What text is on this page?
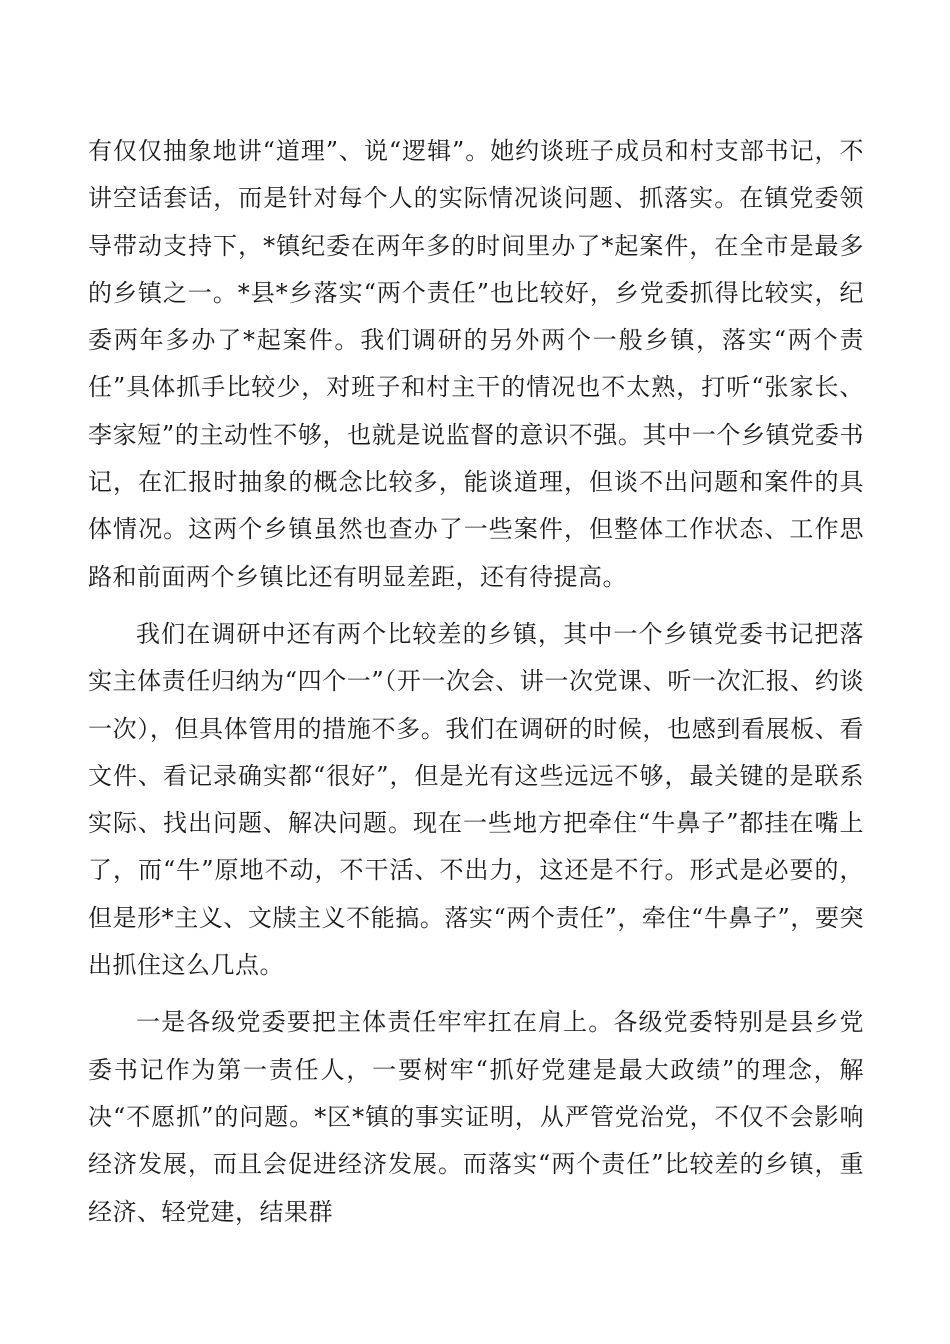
有仅仅抽象地讲“道理”、说“逻辑”。她约谈班子成员和村支部书记，不讲空话套话，而是针对每个人的实际情况谈问题、抓落实。在镇党委领导带动支持下，*镇纪委在两年多的时间里办了*起案件，在全市是最多的乡镇之一。*县*乡落实“两个责任”也比较好，乡党委抓得比较实，纪委两年多办了*起案件。我们调研的另外两个一般乡镇，落实“两个责任”具体抓手比较少，对班子和村主干的情况也不太熟，打听“张家长、李家短”的主动性不够，也就是说监督的意识不强。其中一个乡镇党委书记，在汇报时抽象的概念比较多，能谈道理，但谈不出问题和案件的具体情况。这两个乡镇虽然也查办了一些案件，但整体工作状态、工作思路和前面两个乡镇比还有明显差距，还有待提高。

我们在调研中还有两个比较差的乡镇，其中一个乡镇党委书记把落实主体责任归纳为“四个一”（开一次会、讲一次党课、听一次汇报、约谈一次），但具体管用的措施不多。我们在调研的时候，也感到看展板、看文件、看记录确实都“很好”，但是光有这些远远不够，最关键的是联系实际、找出问题、解决问题。现在一些地方把牵住“牛鼻子”都挂在嘴上了，而“牛”原地不动，不干活、不出力，这还是不行。形式是必要的，但是形*主义、文牍主义不能搞。落实“两个责任”，牵住“牛鼻子”，要突出抓住这么几点。

一是各级党委要把主体责任牢牢扛在肩上。各级党委特别是县乡党委书记作为第一责任人，一要树牢“抓好党建是最大政绩”的理念，解决“不愿抓”的问题。*区*镇的事实证明，从严管党治党，不仅不会影响经济发展，而且会促进经济发展。而落实“两个责任”比较差的乡镇，重经济、轻党建，结果群
